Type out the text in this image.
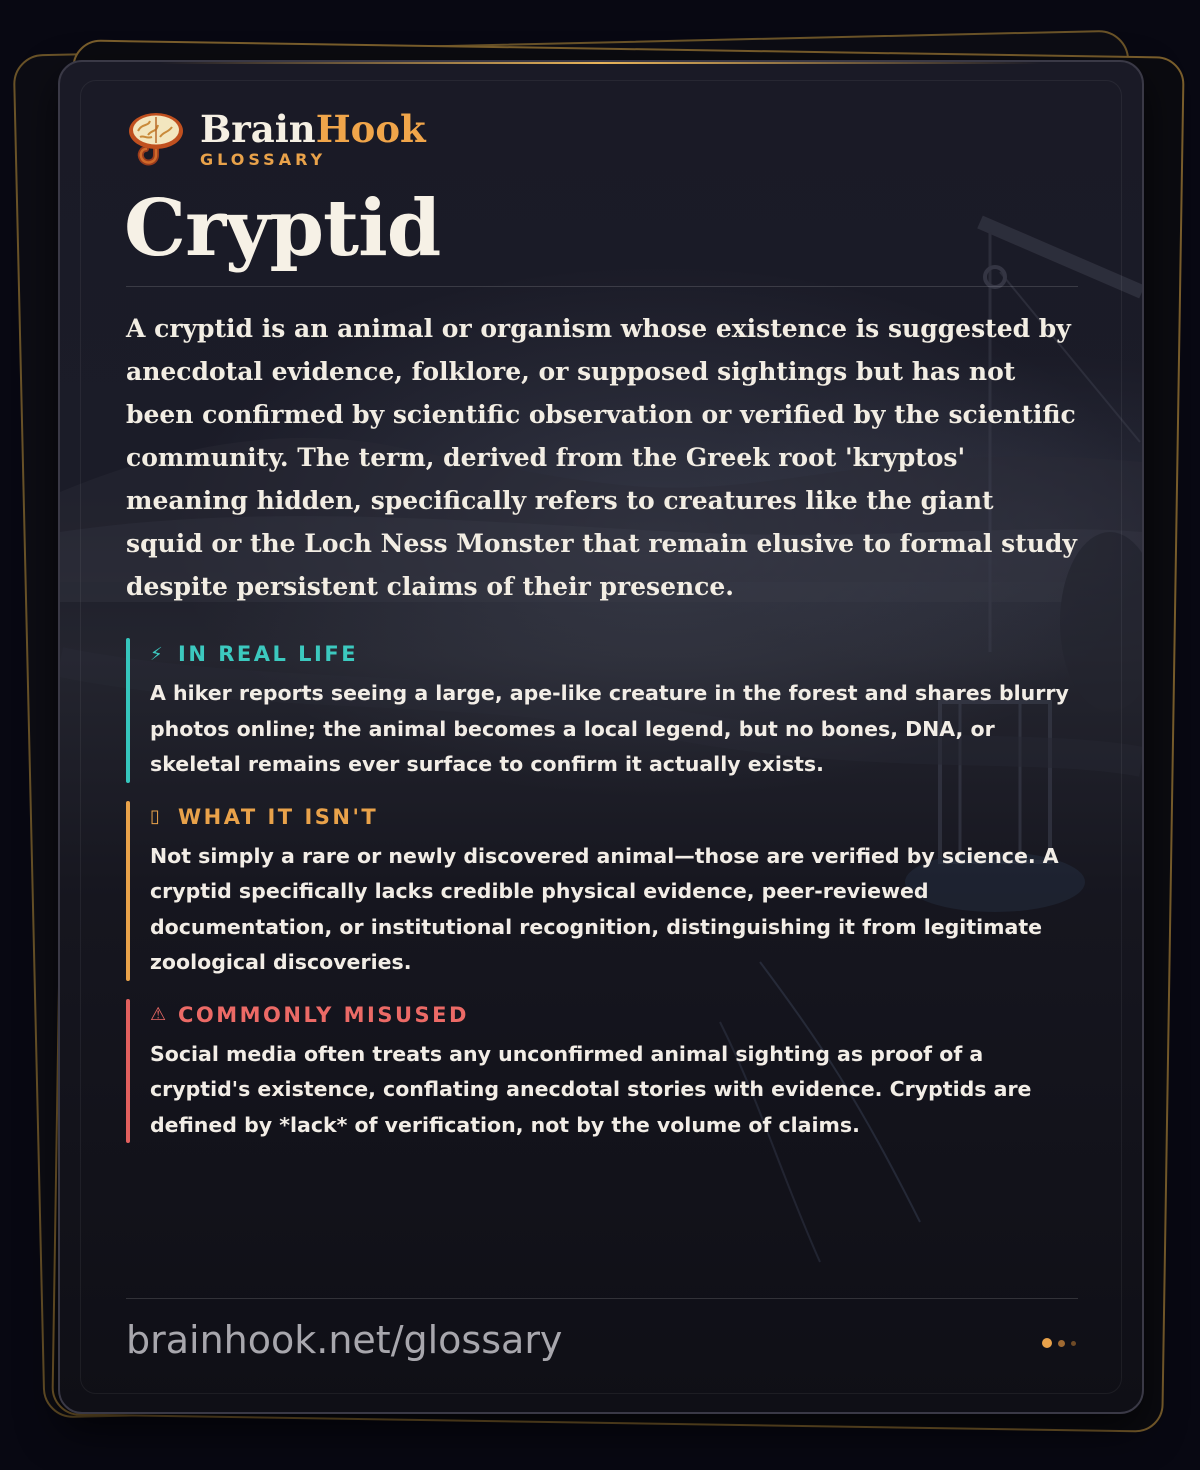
BrainHook
GLOSSARY
Cryptid
A cryptid is an animal or organism whose existence is suggested by anecdotal evidence, folklore, or supposed sightings but has not been confirmed by scientific observation or verified by the scientific community. The term, derived from the Greek root 'kryptos' meaning hidden, specifically refers to creatures like the giant squid or the Loch Ness Monster that remain elusive to formal study despite persistent claims of their presence.
⚡ IN REAL LIFE
A hiker reports seeing a large, ape-like creature in the forest and shares blurry photos online; the animal becomes a local legend, but no bones, DNA, or skeletal remains ever surface to confirm it actually exists.
▯ WHAT IT ISN'T
Not simply a rare or newly discovered animal—those are verified by science. A cryptid specifically lacks credible physical evidence, peer-reviewed documentation, or institutional recognition, distinguishing it from legitimate zoological discoveries.
⚠ COMMONLY MISUSED
Social media often treats any unconfirmed animal sighting as proof of a cryptid's existence, conflating anecdotal stories with evidence. Cryptids are defined by *lack* of verification, not by the volume of claims.
brainhook.net/glossary
